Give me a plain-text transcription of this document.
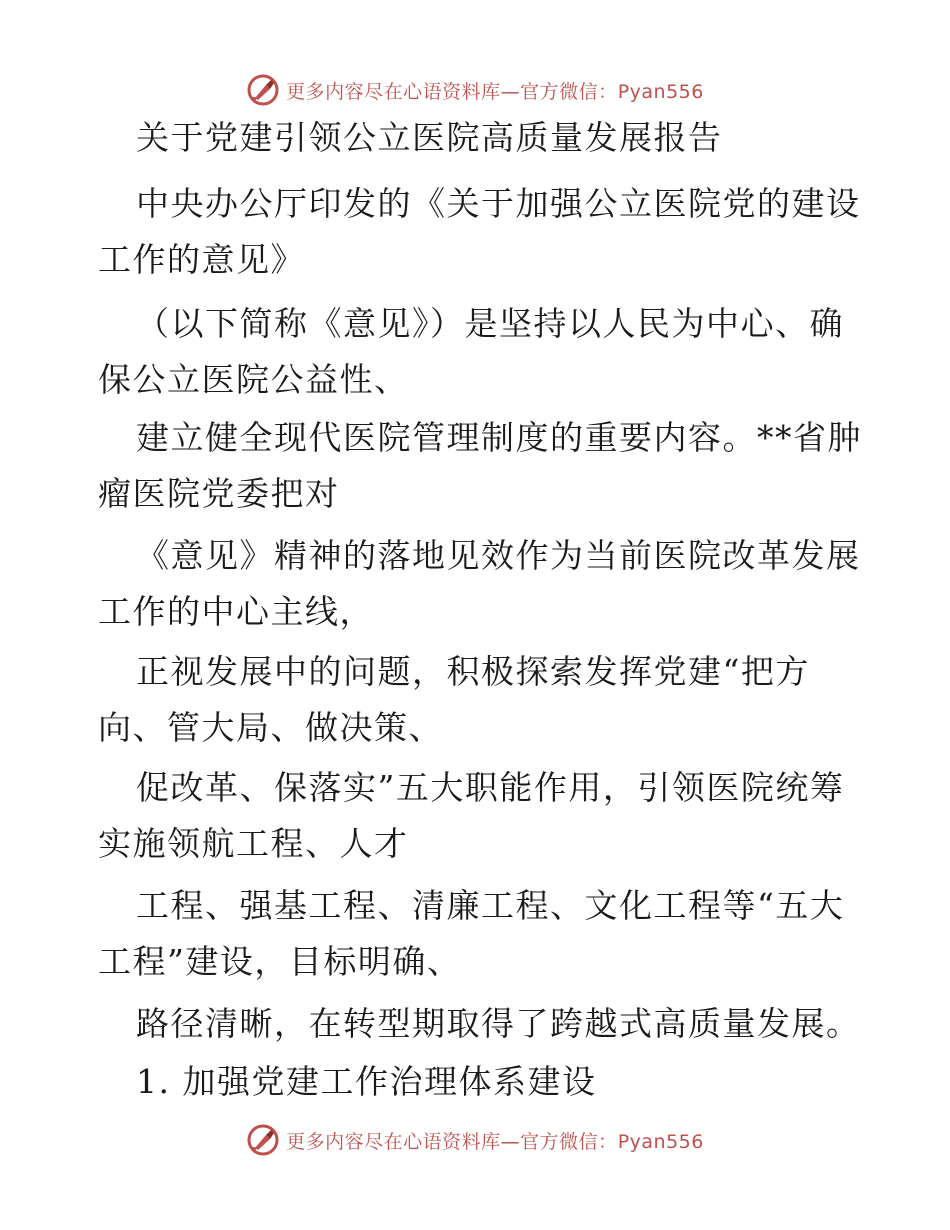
更多内容尽在心语资料库—官方微信：Pyan556
关于党建引领公立医院高质量发展报告
中央办公厅印发的《关于加强公立医院党的建设
工作的意见》
（以下简称《意见》）是坚持以人民为中心、确
保公立医院公益性、
建立健全现代医院管理制度的重要内容。**省肿
瘤医院党委把对
《意见》精神的落地见效作为当前医院改革发展
工作的中心主线，
正视发展中的问题，积极探索发挥党建“把方
向、管大局、做决策、
促改革、保落实”五大职能作用，引领医院统筹
实施领航工程、人才
工程、强基工程、清廉工程、文化工程等“五大
工程”建设，目标明确、
路径清晰，在转型期取得了跨越式高质量发展。
1. 加强党建工作治理体系建设
更多内容尽在心语资料库—官方微信：Pyan556
